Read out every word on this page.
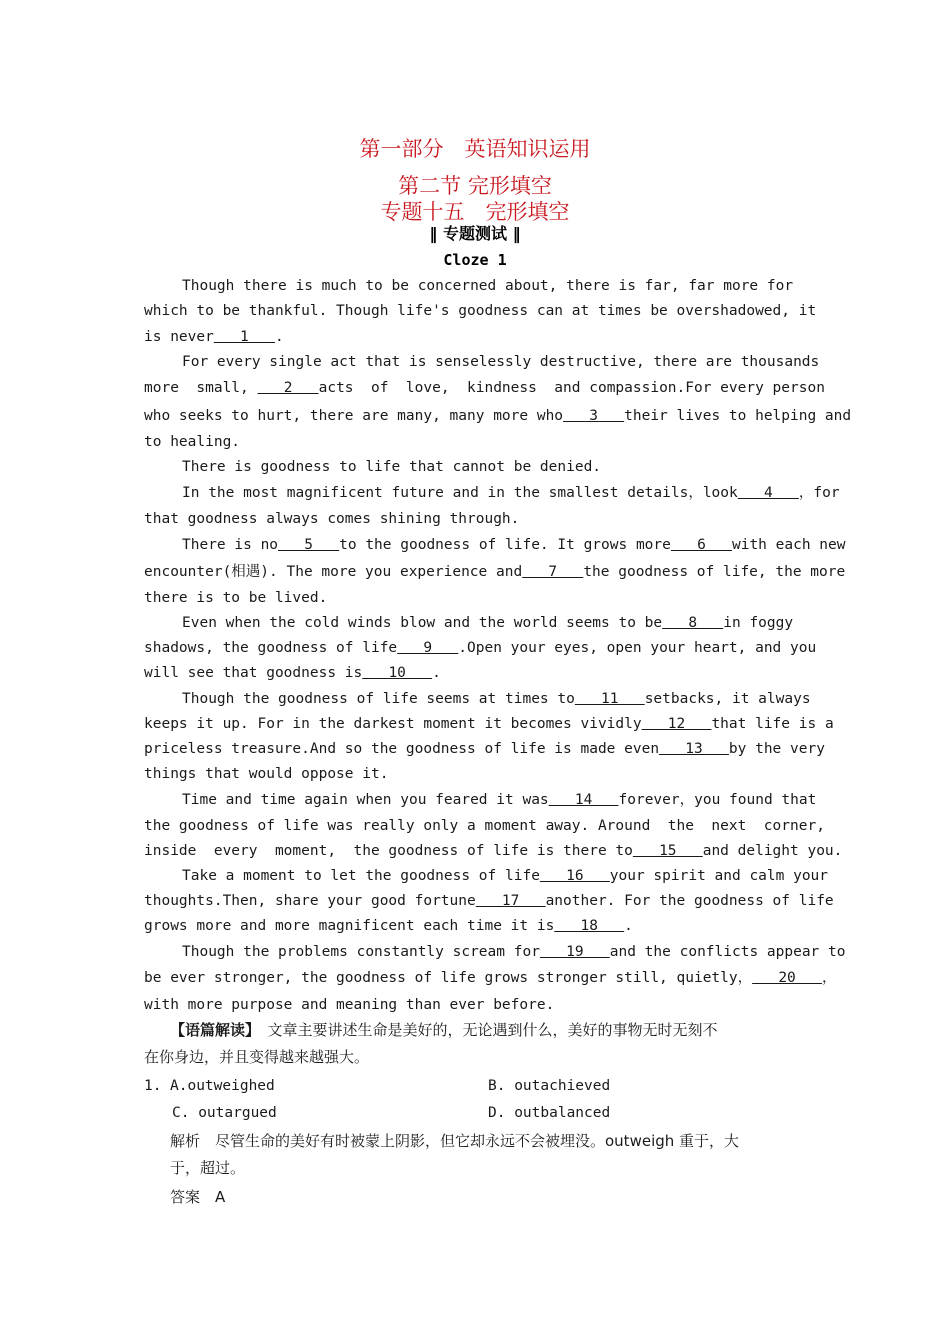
第一部分　英语知识运用
第二节 完形填空
专题十五　完形填空
‖ 专题测试 ‖
Cloze 1
Though there is much to be concerned about, there is far, far more for
which to be thankful. Though life's goodness can at times be overshadowed, it
is never   1   .
For every single act that is senselessly destructive, there are thousands
more  small,    2   acts  of  love,  kindness  and compassion.For every person
who seeks to hurt, there are many, many more who   3   their lives to helping and
to healing.
There is goodness to life that cannot be denied.
In the most magnificent future and in the smallest details，look   4   ，for
that goodness always comes shining through.
There is no   5   to the goodness of life. It grows more   6   with each new
encounter(相遇). The more you experience and   7   the goodness of life, the more
there is to be lived.
Even when the cold winds blow and the world seems to be   8   in foggy
shadows, the goodness of life   9   .Open your eyes, open your heart, and you
will see that goodness is   10   .
Though the goodness of life seems at times to   11   setbacks, it always
keeps it up. For in the darkest moment it becomes vividly   12   that life is a
priceless treasure.And so the goodness of life is made even   13   by the very
things that would oppose it.
Time and time again when you feared it was   14   forever，you found that
the goodness of life was really only a moment away. Around  the  next  corner,
inside  every  moment,  the goodness of life is there to   15   and delight you.
Take a moment to let the goodness of life   16   your spirit and calm your
thoughts.Then, share your good fortune   17   another. For the goodness of life
grows more and more magnificent each time it is   18   .
Though the problems constantly scream for   19   and the conflicts appear to
be ever stronger, the goodness of life grows stronger still, quietly，   20   ，
with more purpose and meaning than ever before.
【语篇解读】　文章主要讲述生命是美好的，无论遇到什么，美好的事物无时无刻不
在你身边，并且变得越来越强大。
1. A.outweighed	B. outachieved
C. outargued	D. outbalanced
解析　尽管生命的美好有时被蒙上阴影，但它却永远不会被埋没。outweigh 重于，大
于，超过。
答案　A
